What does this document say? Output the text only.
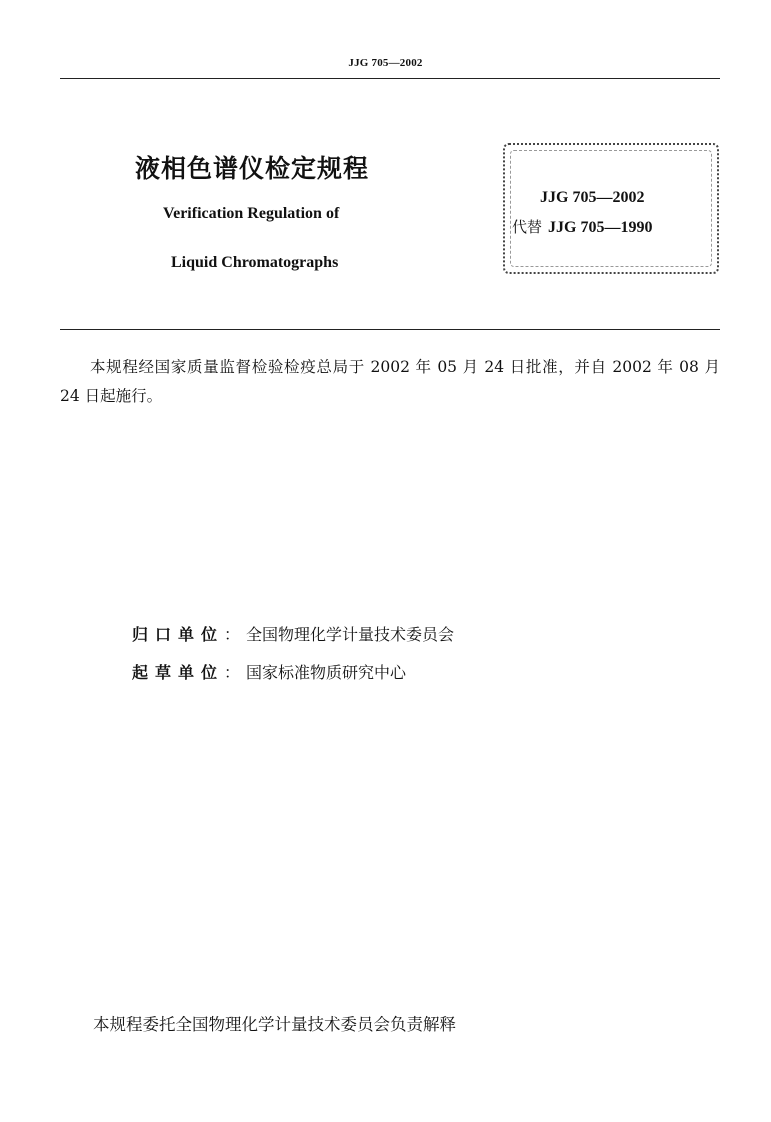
JJG 705—2002
液相色谱仪检定规程
Verification Regulation of
Liquid Chromatographs
JJG 705—2002
代替 JJG 705—1990
本规程经国家质量监督检验检疫总局于 2002 年 05 月 24 日批准，并自 2002 年 08 月 24 日起施行。
归口单位： 全国物理化学计量技术委员会
起草单位： 国家标准物质研究中心
本规程委托全国物理化学计量技术委员会负责解释
